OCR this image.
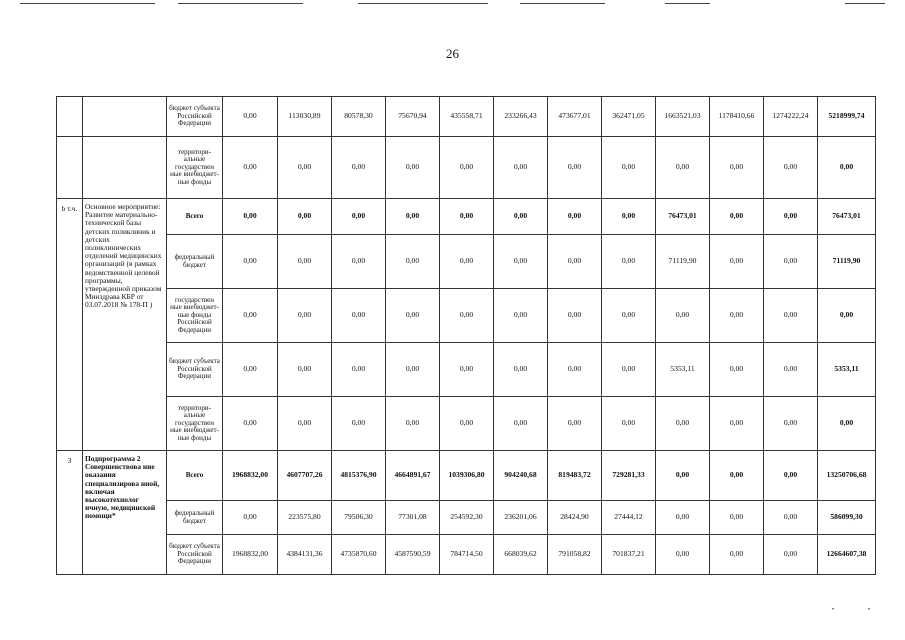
26
		бюджет субъекта Российской Федерации	0,00	113030,89	80578,30	75670,94	435558,71	233266,43	473677,01	362471,05	1663521,03	1178410,66	1274222,24	5218999,74
		территори- альные государствен ные внебюджет- ные фонды	0,00	0,00	0,00	0,00	0,00	0,00	0,00	0,00	0,00	0,00	0,00	0,00
b т.ч.	Основное мероприятие: Развитие материально- технической базы детских поликлиник и детских поликлинических отделений медицинских организаций (в рамках ведомственной целевой программы, утвержденной приказом Минздрава КБР от 03.07.2018 № 178-П )	Всего	0,00	0,00	0,00	0,00	0,00	0,00	0,00	0,00	76473,01	0,00	0,00	76473,01
		федеральный бюджет	0,00	0,00	0,00	0,00	0,00	0,00	0,00	0,00	71119,90	0,00	0,00	71119,90
		государствен ные внебюджет- ные фонды Российской Федерации	0,00	0,00	0,00	0,00	0,00	0,00	0,00	0,00	0,00	0,00	0,00	0,00
		бюджет субъекта Российской Федерации	0,00	0,00	0,00	0,00	0,00	0,00	0,00	0,00	5353,11	0,00	0,00	5353,11
		территори- альные государствен ные внебюджет- ные фонды	0,00	0,00	0,00	0,00	0,00	0,00	0,00	0,00	0,00	0,00	0,00	0,00
3	Подпрограмма 2 Совершенствова ние оказания специализирова нной, включая высокотехнолог ичную, медицинской помощи*	Всего	1968832,00	4607707,26	4815376,90	4664891,67	1039306,80	904240,68	819483,72	729281,33	0,00	0,00	0,00	13250706,68
		федеральный бюджет	0,00	223575,80	79506,30	77301,08	254592,30	236201,06	28424,90	27444,12	0,00	0,00	0,00	586099,30
		бюджет субъекта Российской Федерации	1968832,00	4384131,36	4735870,60	4587590,59	784714,50	668039,62	791058,82	701837,21	0,00	0,00	0,00	12664607,38
•	•
